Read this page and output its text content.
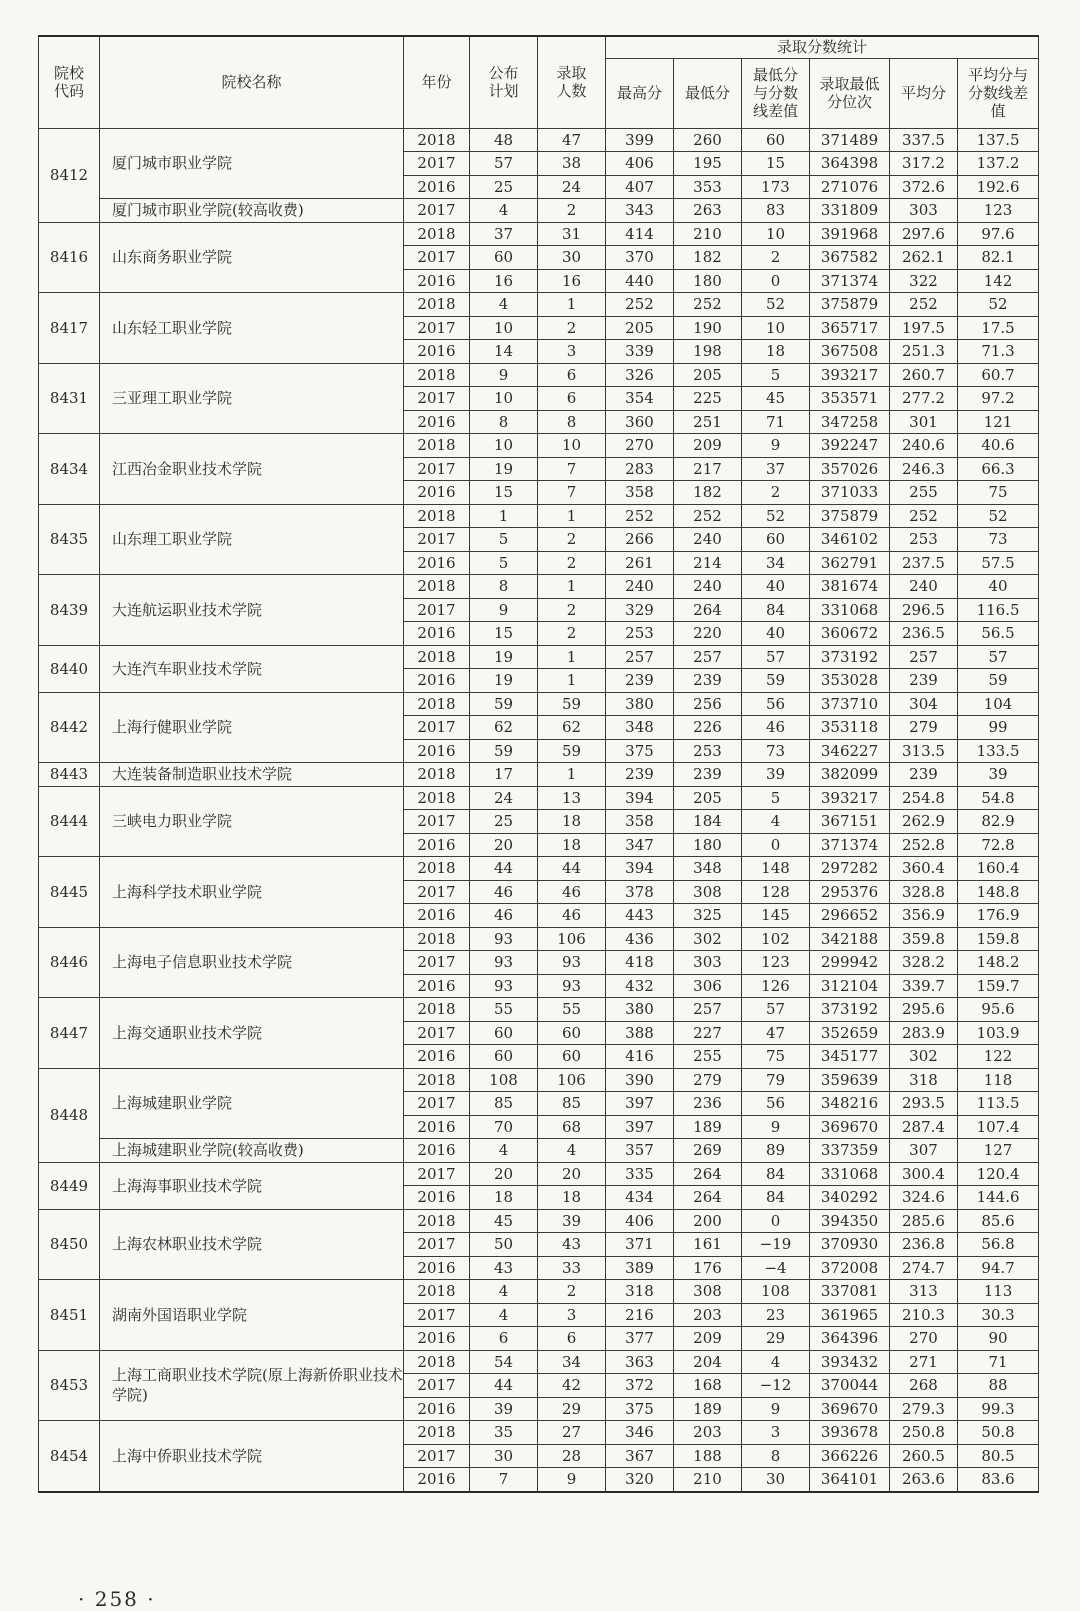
院校代码	院校名称	年份	公布计划	录取人数	录取分数统计					
					最高分	最低分	最低分与分数线差值	录取最低分位次	平均分	平均分与分数线差值
8412	厦门城市职业学院	2018	48	47	399	260	60	371489	337.5	137.5
		2017	57	38	406	195	15	364398	317.2	137.2
		2016	25	24	407	353	173	271076	372.6	192.6
	厦门城市职业学院(较高收费)	2017	4	2	343	263	83	331809	303	123
8416	山东商务职业学院	2018	37	31	414	210	10	391968	297.6	97.6
		2017	60	30	370	182	2	367582	262.1	82.1
		2016	16	16	440	180	0	371374	322	142
8417	山东轻工职业学院	2018	4	1	252	252	52	375879	252	52
		2017	10	2	205	190	10	365717	197.5	17.5
		2016	14	3	339	198	18	367508	251.3	71.3
8431	三亚理工职业学院	2018	9	6	326	205	5	393217	260.7	60.7
		2017	10	6	354	225	45	353571	277.2	97.2
		2016	8	8	360	251	71	347258	301	121
8434	江西冶金职业技术学院	2018	10	10	270	209	9	392247	240.6	40.6
		2017	19	7	283	217	37	357026	246.3	66.3
		2016	15	7	358	182	2	371033	255	75
8435	山东理工职业学院	2018	1	1	252	252	52	375879	252	52
		2017	5	2	266	240	60	346102	253	73
		2016	5	2	261	214	34	362791	237.5	57.5
8439	大连航运职业技术学院	2018	8	1	240	240	40	381674	240	40
		2017	9	2	329	264	84	331068	296.5	116.5
		2016	15	2	253	220	40	360672	236.5	56.5
8440	大连汽车职业技术学院	2018	19	1	257	257	57	373192	257	57
		2016	19	1	239	239	59	353028	239	59
8442	上海行健职业学院	2018	59	59	380	256	56	373710	304	104
		2017	62	62	348	226	46	353118	279	99
		2016	59	59	375	253	73	346227	313.5	133.5
8443	大连装备制造职业技术学院	2018	17	1	239	239	39	382099	239	39
8444	三峡电力职业学院	2018	24	13	394	205	5	393217	254.8	54.8
		2017	25	18	358	184	4	367151	262.9	82.9
		2016	20	18	347	180	0	371374	252.8	72.8
8445	上海科学技术职业学院	2018	44	44	394	348	148	297282	360.4	160.4
		2017	46	46	378	308	128	295376	328.8	148.8
		2016	46	46	443	325	145	296652	356.9	176.9
8446	上海电子信息职业技术学院	2018	93	106	436	302	102	342188	359.8	159.8
		2017	93	93	418	303	123	299942	328.2	148.2
		2016	93	93	432	306	126	312104	339.7	159.7
8447	上海交通职业技术学院	2018	55	55	380	257	57	373192	295.6	95.6
		2017	60	60	388	227	47	352659	283.9	103.9
		2016	60	60	416	255	75	345177	302	122
8448	上海城建职业学院	2018	108	106	390	279	79	359639	318	118
		2017	85	85	397	236	56	348216	293.5	113.5
		2016	70	68	397	189	9	369670	287.4	107.4
	上海城建职业学院(较高收费)	2016	4	4	357	269	89	337359	307	127
8449	上海海事职业技术学院	2017	20	20	335	264	84	331068	300.4	120.4
		2016	18	18	434	264	84	340292	324.6	144.6
8450	上海农林职业技术学院	2018	45	39	406	200	0	394350	285.6	85.6
		2017	50	43	371	161	−19	370930	236.8	56.8
		2016	43	33	389	176	−4	372008	274.7	94.7
8451	湖南外国语职业学院	2018	4	2	318	308	108	337081	313	113
		2017	4	3	216	203	23	361965	210.3	30.3
		2016	6	6	377	209	29	364396	270	90
8453	上海工商职业技术学院(原上海新侨职业技术学院)	2018	54	34	363	204	4	393432	271	71
		2017	44	42	372	168	−12	370044	268	88
		2016	39	29	375	189	9	369670	279.3	99.3
8454	上海中侨职业技术学院	2018	35	27	346	203	3	393678	250.8	50.8
		2017	30	28	367	188	8	366226	260.5	80.5
		2016	7	9	320	210	30	364101	263.6	83.6
· 258 ·
